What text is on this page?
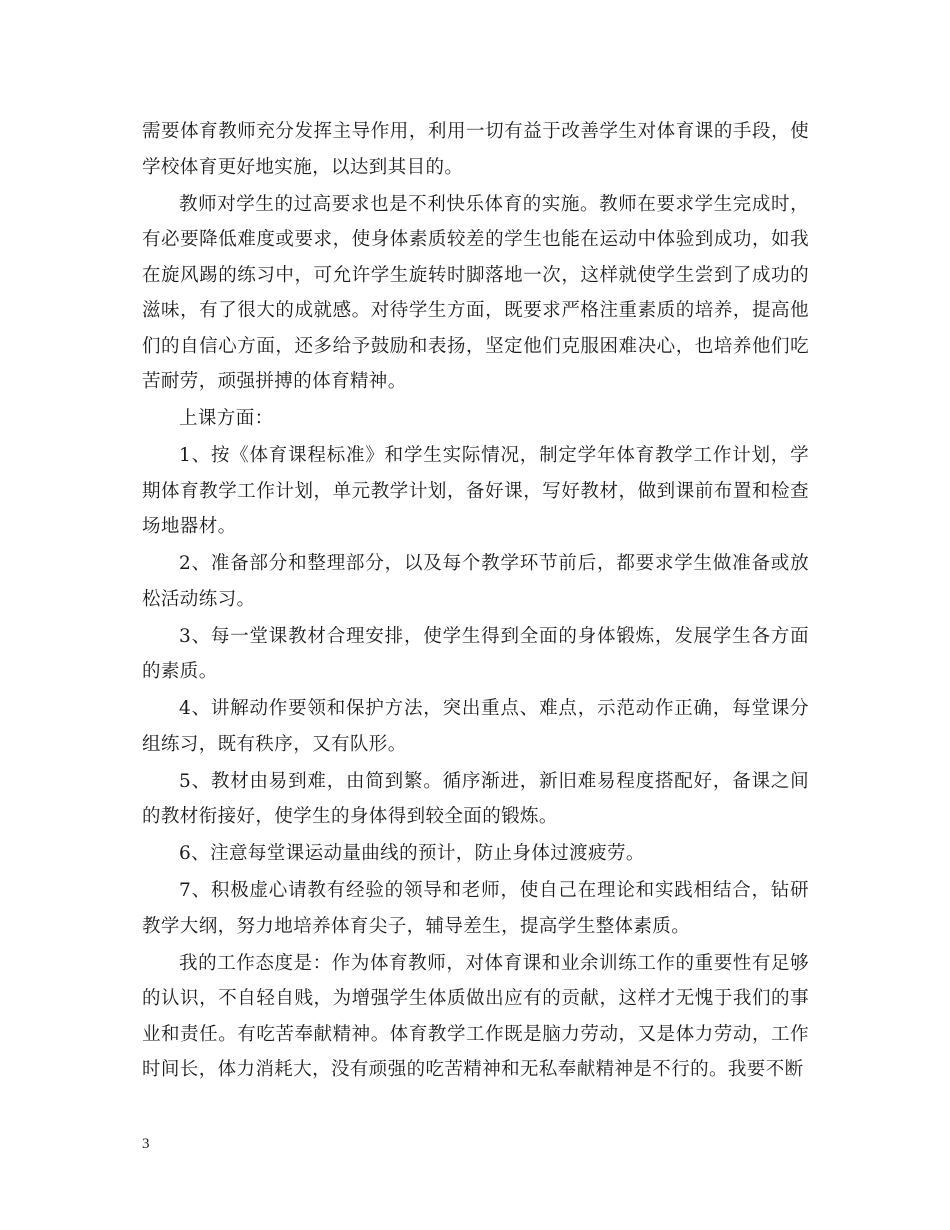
需要体育教师充分发挥主导作用，利用一切有益于改善学生对体育课的手段，使学校体育更好地实施，以达到其目的。

教师对学生的过高要求也是不利快乐体育的实施。教师在要求学生完成时，有必要降低难度或要求，使身体素质较差的学生也能在运动中体验到成功，如我在旋风踢的练习中，可允许学生旋转时脚落地一次，这样就使学生尝到了成功的滋味，有了很大的成就感。对待学生方面，既要求严格注重素质的培养，提高他们的自信心方面，还多给予鼓励和表扬，坚定他们克服困难决心，也培养他们吃苦耐劳，顽强拼搏的体育精神。

上课方面：

1、按《体育课程标准》和学生实际情况，制定学年体育教学工作计划，学期体育教学工作计划，单元教学计划，备好课，写好教材，做到课前布置和检查场地器材。

2、准备部分和整理部分，以及每个教学环节前后，都要求学生做准备或放松活动练习。

3、每一堂课教材合理安排，使学生得到全面的身体锻炼，发展学生各方面的素质。

4、讲解动作要领和保护方法，突出重点、难点，示范动作正确，每堂课分组练习，既有秩序，又有队形。

5、教材由易到难，由简到繁。循序渐进，新旧难易程度搭配好，备课之间的教材衔接好，使学生的身体得到较全面的锻炼。

6、注意每堂课运动量曲线的预计，防止身体过渡疲劳。

7、积极虚心请教有经验的领导和老师，使自己在理论和实践相结合，钻研教学大纲，努力地培养体育尖子，辅导差生，提高学生整体素质。

我的工作态度是：作为体育教师，对体育课和业余训练工作的重要性有足够的认识，不自轻自贱，为增强学生体质做出应有的贡献，这样才无愧于我们的事业和责任。有吃苦奉献精神。体育教学工作既是脑力劳动，又是体力劳动，工作时间长，体力消耗大，没有顽强的吃苦精神和无私奉献精神是不行的。我要不断

3
